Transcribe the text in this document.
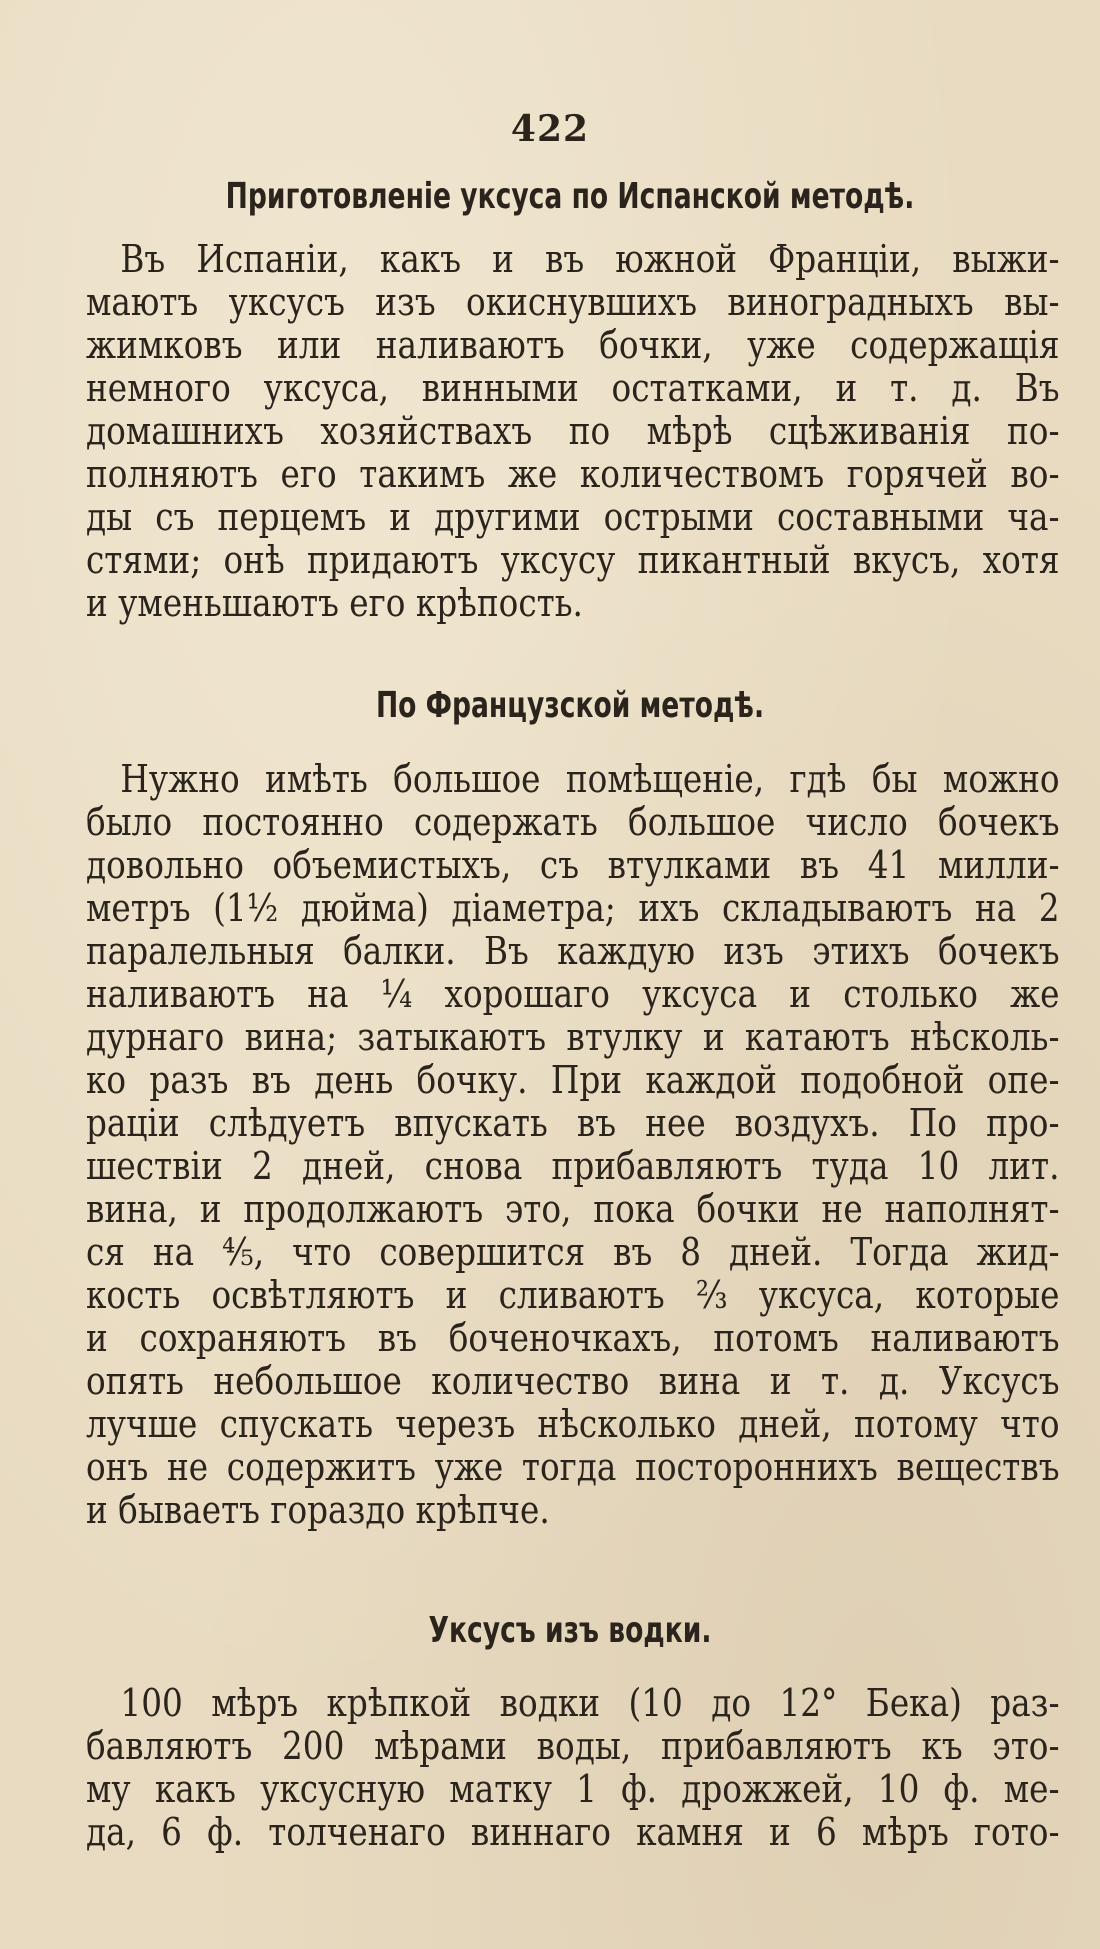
422
Приготовленіе уксуса по Испанской методѣ.
Въ Испаніи, какъ и въ южной Франціи, выжи-
маютъ уксусъ изъ окиснувшихъ виноградныхъ вы-
жимковъ или наливаютъ бочки, уже содержащія
немного уксуса, винными остатками, и т. д. Въ
домашнихъ хозяйствахъ по мѣрѣ сцѣживанія по-
полняютъ его такимъ же количествомъ горячей во-
ды съ перцемъ и другими острыми составными ча-
стями; онѣ придаютъ уксусу пикантный вкусъ, хотя
и уменьшаютъ его крѣпость.
По Французской методѣ.
Нужно имѣть большое помѣщеніе, гдѣ бы можно
было постоянно содержать большое число бочекъ
довольно объемистыхъ, съ втулками въ 41 милли-
метръ (1½ дюйма) діаметра; ихъ складываютъ на 2
паралельныя балки. Въ каждую изъ этихъ бочекъ
наливаютъ на ¼ хорошаго уксуса и столько же
дурнаго вина; затыкаютъ втулку и катаютъ нѣсколь-
ко разъ въ день бочку. При каждой подобной опе-
раціи слѣдуетъ впускать въ нее воздухъ. По про-
шествіи 2 дней, снова прибавляютъ туда 10 лит.
вина, и продолжаютъ это, пока бочки не наполнят-
ся на ⁴⁄₅, что совершится въ 8 дней. Тогда жид-
кость освѣтляютъ и сливаютъ ²⁄₃ уксуса, которые
и сохраняютъ въ боченочкахъ, потомъ наливаютъ
опять небольшое количество вина и т. д. Уксусъ
лучше спускать черезъ нѣсколько дней, потому что
онъ не содержитъ уже тогда постороннихъ веществъ
и бываетъ гораздо крѣпче.
Уксусъ изъ водки.
100 мѣръ крѣпкой водки (10 до 12° Бека) раз-
бавляютъ 200 мѣрами воды, прибавляютъ къ это-
му какъ уксусную матку 1 ф. дрожжей, 10 ф. ме-
да, 6 ф. толченаго виннаго камня и 6 мѣръ гото-
